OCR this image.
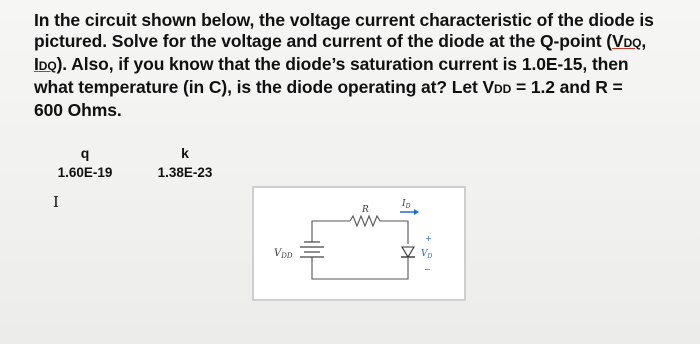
In the circuit shown below, the voltage current characteristic of the diode is
pictured. Solve for the voltage and current of the diode at the Q-point (VDQ,
IDQ). Also, if you know that the diode’s saturation current is 1.0E-15, then
what temperature (in C), is the diode operating at? Let VDD = 1.2 and R =
600 Ohms.
q
1.60E-19
k
1.38E-23
I
$V_{DD}$
R
$I_D$
$V_D$
+
−
